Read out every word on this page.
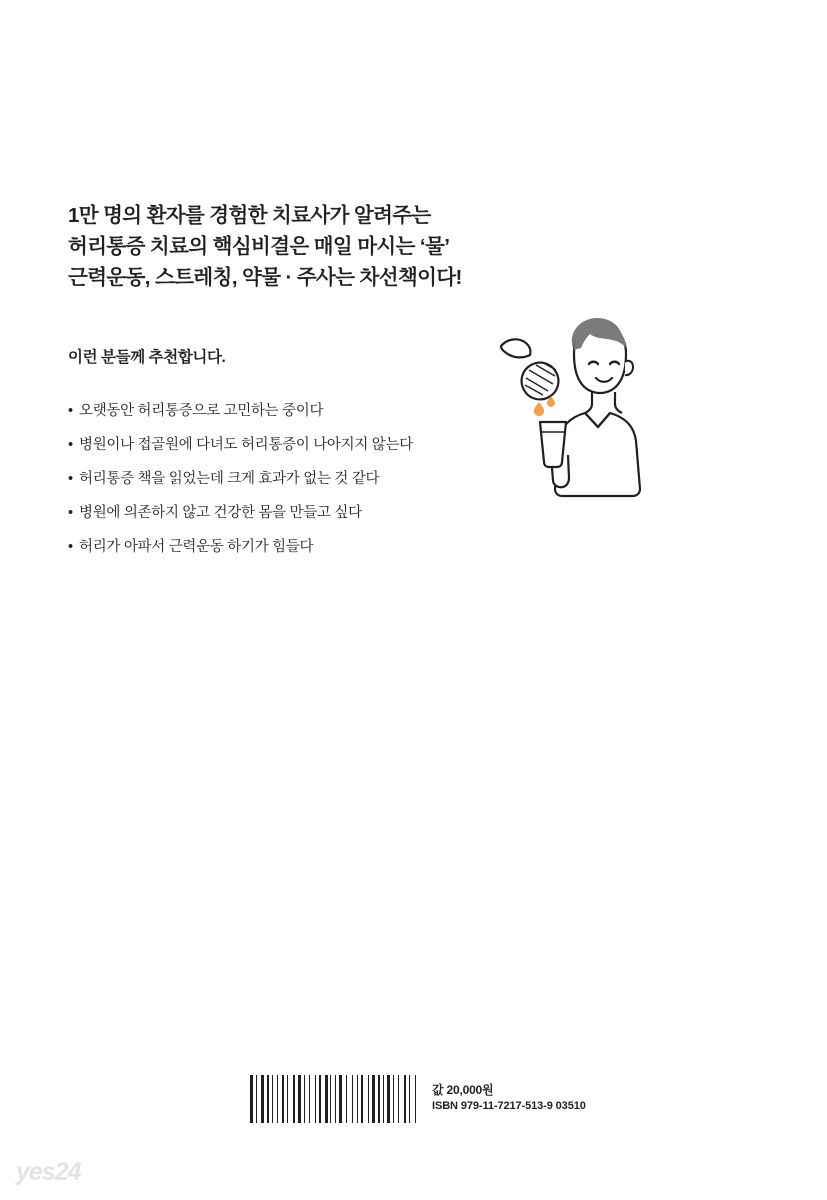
1만 명의 환자를 경험한 치료사가 알려주는
허리통증 치료의 핵심비결은 매일 마시는 ‘물’
근력운동, 스트레칭, 약물 · 주사는 차선책이다!
이런 분들께 추천합니다.
• 오랫동안 허리통증으로 고민하는 중이다
• 병원이나 접골원에 다녀도 허리통증이 나아지지 않는다
• 허리통증 책을 읽었는데 크게 효과가 없는 것 같다
• 병원에 의존하지 않고 건강한 몸을 만들고 싶다
• 허리가 아파서 근력운동 하기가 힘들다
값 20,000원
ISBN 979-11-7217-513-9 03510
yes24
